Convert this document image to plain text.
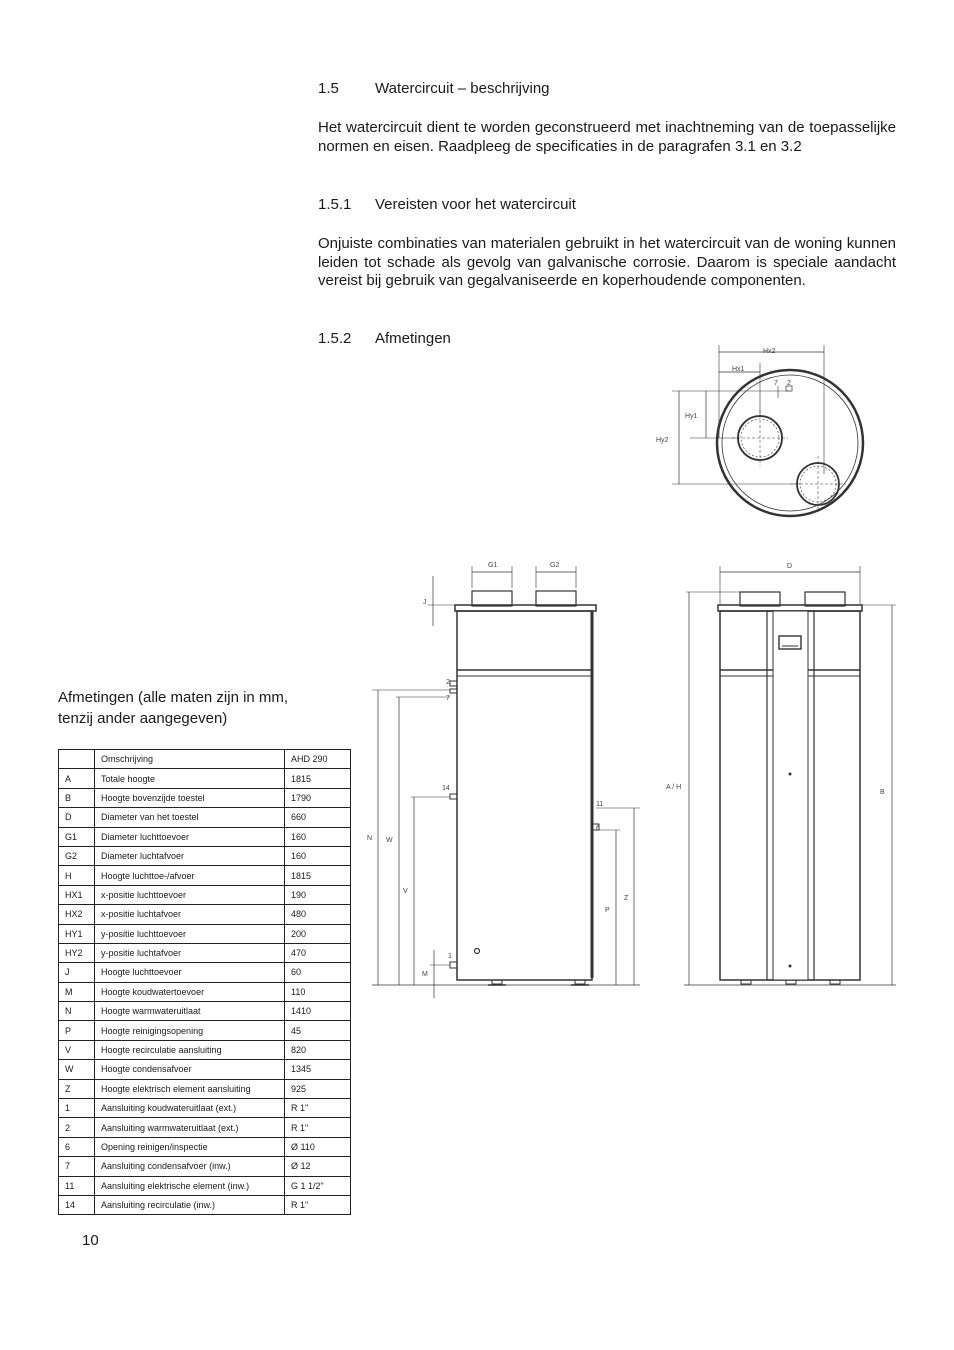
1.5 Watercircuit – beschrijving
Het watercircuit dient te worden geconstrueerd met inachtneming van de toepasselijke normen en eisen. Raadpleeg de specificaties in de paragrafen 3.1 en 3.2
1.5.1 Vereisten voor het watercircuit
Onjuiste combinaties van materialen gebruikt in het watercircuit van de woning kunnen leiden tot schade als gevolg van galvanische corrosie. Daarom is speciale aandacht vereist bij gebruik van gegalvaniseerde en koperhoudende componenten.
1.5.2 Afmetingen
Afmetingen (alle maten zijn in mm,
tenzij ander aangegeven)
	Omschrijving	AHD 290
A	Totale hoogte	1815
B	Hoogte bovenzijde toestel	1790
D	Diameter van het toestel	660
G1	Diameter luchttoevoer	160
G2	Diameter luchtafvoer	160
H	Hoogte luchttoe-/afvoer	1815
HX1	x-positie luchttoevoer	190
HX2	x-positie luchtafvoer	480
HY1	y-positie luchttoevoer	200
HY2	y-positie luchtafvoer	470
J	Hoogte luchttoevoer	60
M	Hoogte koudwatertoevoer	110
N	Hoogte warmwateruitlaat	1410
P	Hoogte reinigingsopening	45
V	Hoogte recirculatie aansluiting	820
W	Hoogte condensafvoer	1345
Z	Hoogte elektrisch element aansluiting	925
1	Aansluiting koudwateruitlaat (ext.)	R 1"
2	Aansluiting warmwateruitlaat (ext.)	R 1"
6	Opening reinigen/inspectie	Ø 110
7	Aansluiting condensafvoer (inw.)	Ø 12
11	Aansluiting elektrische element (inw.)	G 1 1/2"
14	Aansluiting recirculatie (inw.)	R 1"
10
Hx2
Hx1
Hy1
Hy2
7 2
G1	G2
J
N W
V
M
P
Z
2
7
14
11
6
1
D
A / H
B
